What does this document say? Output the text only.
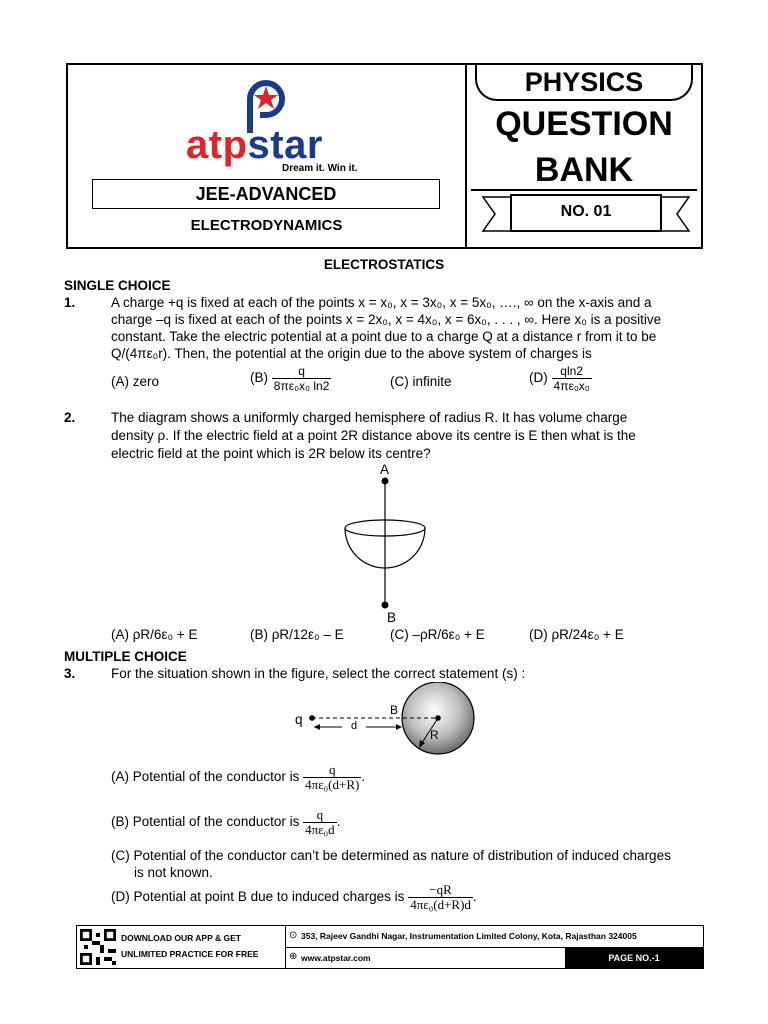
atpstar
Dream it. Win it.
JEE-ADVANCED
ELECTRODYNAMICS
PHYSICS
QUESTION
BANK
NO. 01
ELECTROSTATICS
SINGLE CHOICE
1.	A charge +q is fixed at each of the points x = x₀, x = 3x₀, x = 5x₀, …., ∞ on the x-axis and a
charge –q is fixed at each of the points x = 2x₀, x = 4x₀, x = 6x₀, . . . , ∞. Here x₀ is a positive
constant. Take the electric potential at a point due to a charge Q at a distance r from it to be
Q/(4πε₀r). Then, the potential at the origin due to the above system of charges is
(A) zero	$(B) \frac{q}{\text{8πε₀x₀ ln2}}$	(C) infinite	$(D) \frac{qln2}{\text{4πε₀x₀}}$
2.	The diagram shows a uniformly charged hemisphere of radius R. It has volume charge
density ρ. If the electric field at a point 2R distance above its centre is E then what is the
electric field at the point which is 2R below its centre?
A
B
(A) ρR/6ε₀ + E	(B) ρR/12ε₀ – E	(C) –ρR/6ε₀ + E	(D) ρR/24ε₀ + E
MULTIPLE CHOICE
3.	For the situation shown in the figure, select the correct statement (s) :
q	d
B
R
(A) Potential of the conductor is $\frac{q}{\text{4πε₀(d+R)}}$ .
(B) Potential of the conductor is $\frac{q}{\text{4πε₀d}}$ .
(C) Potential of the conductor can’t be determined as nature of distribution of induced charges
is not known.
(D) Potential at point B due to induced charges is $\frac{-qR}{\text{4πε₀(d+R)d}}$ .
DOWNLOAD OUR APP & GET
UNLIMITED PRACTICE FOR FREE
⊙ 353, Rajeev Gandhi Nagar, Instrumentation Limited Colony, Kota, Rajasthan 324005
⊕ www.atpstar.com	PAGE NO.-1
